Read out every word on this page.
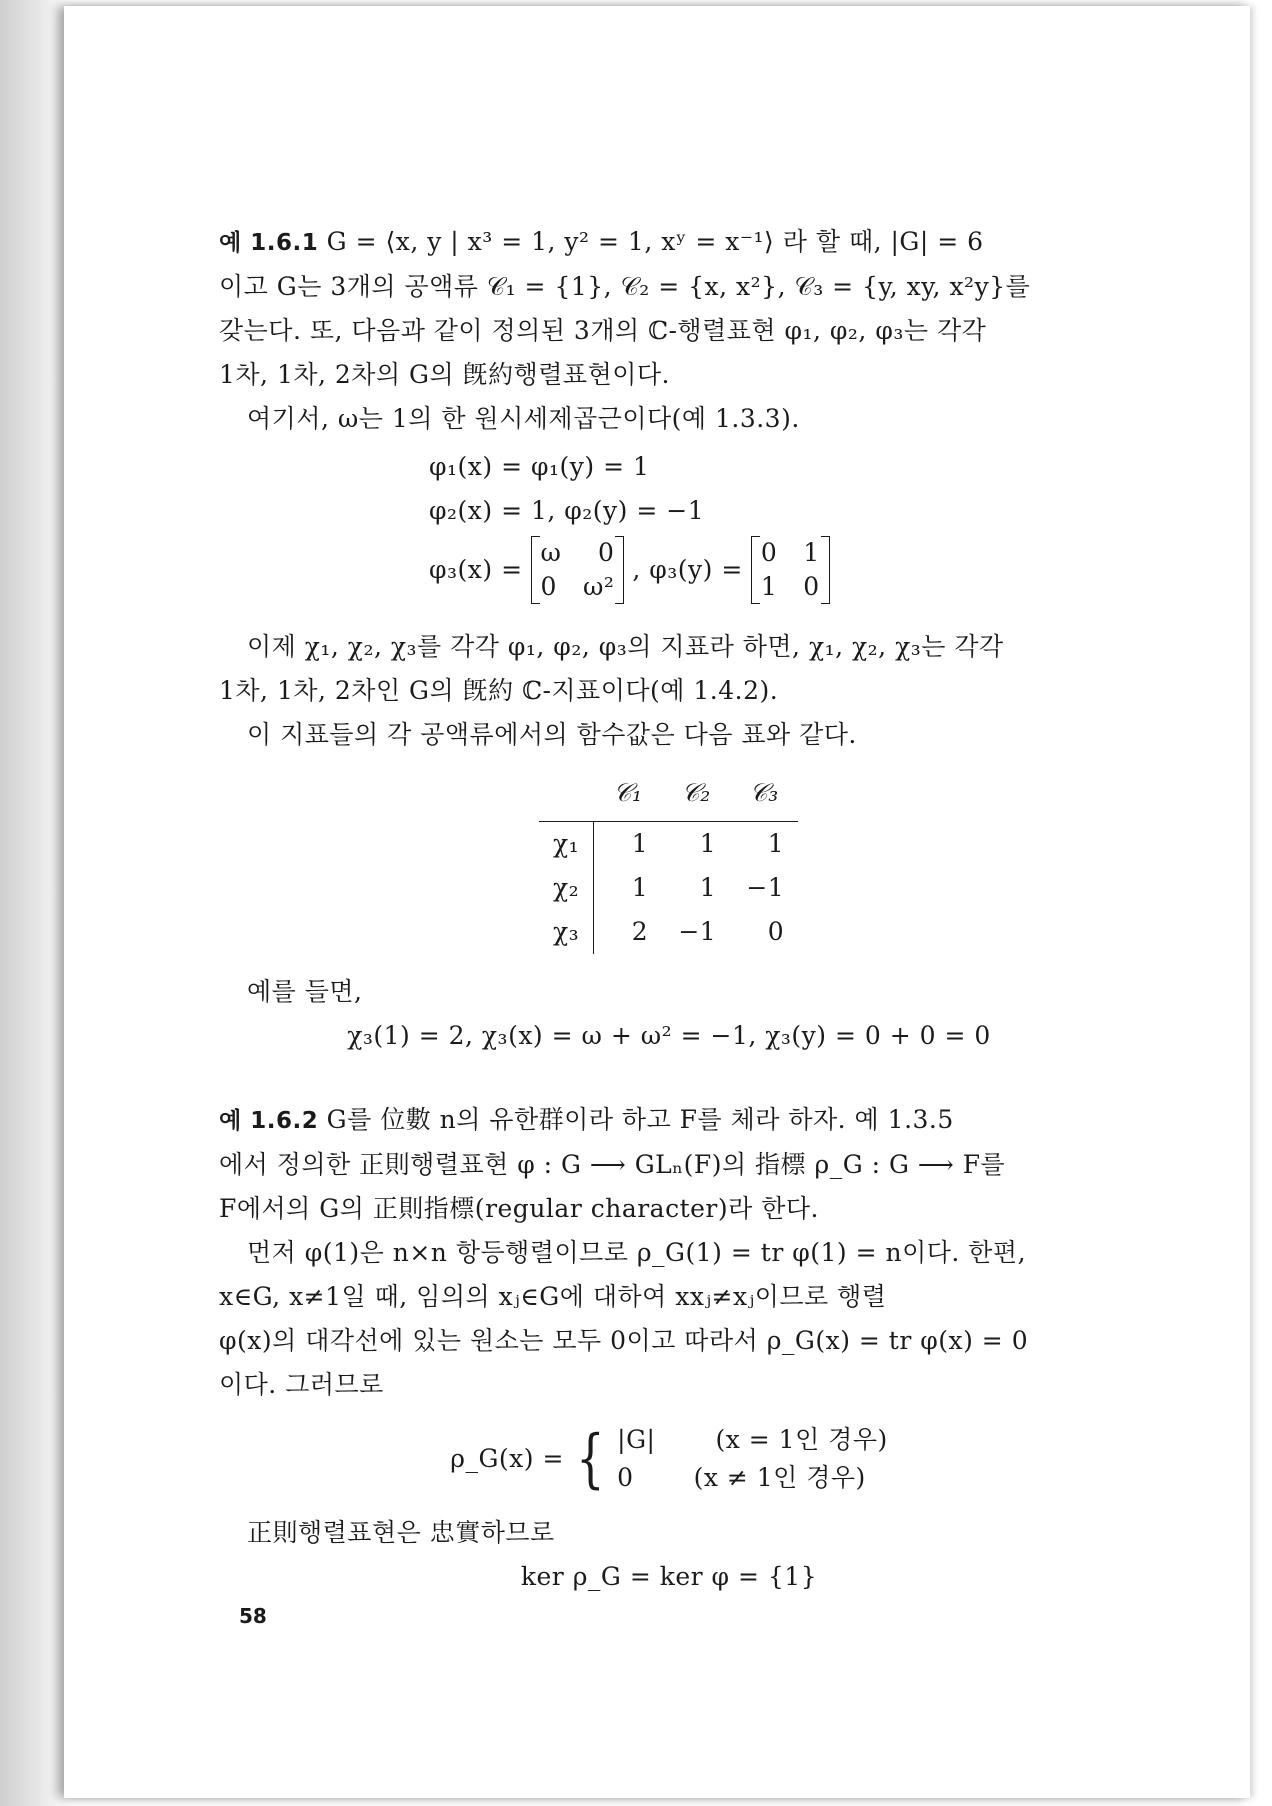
예 1.6.1 G = ⟨x, y | x³ = 1, y² = 1, xʸ = x⁻¹⟩ 라 할 때, |G| = 6

이고 G는 3개의 공액류 𝒞₁ = {1}, 𝒞₂ = {x, x²}, 𝒞₃ = {y, xy, x²y}를

갖는다. 또, 다음과 같이 정의된 3개의 ℂ-행렬표현 φ₁, φ₂, φ₃는 각각

1차, 1차, 2차의 G의 旣約행렬표현이다.

여기서, ω는 1의 한 원시세제곱근이다(예 1.3.3).

φ₁(x) = φ₁(y) = 1
φ₂(x) = 1, φ₂(y) = −1
φ₃(x) =
ω 0
0 ω²
, φ₃(y) =
0 1
1 0

이제 χ₁, χ₂, χ₃를 각각 φ₁, φ₂, φ₃의 지표라 하면, χ₁, χ₂, χ₃는 각각

1차, 1차, 2차인 G의 旣約 ℂ-지표이다(예 1.4.2).

이 지표들의 각 공액류에서의 함수값은 다음 표와 같다.

	𝒞₁	𝒞₂	𝒞₃
χ₁	1	1	1
χ₂	1	1	−1
χ₃	2	−1	0

예를 들면,

χ₃(1) = 2, χ₃(x) = ω + ω² = −1, χ₃(y) = 0 + 0 = 0

예 1.6.2 G를 位數 n의 유한群이라 하고 F를 체라 하자. 예 1.3.5

에서 정의한 正則행렬표현 φ : G ⟶ GLₙ(F)의 指標 ρ_G : G ⟶ F를

F에서의 G의 正則指標(regular character)라 한다.

먼저 φ(1)은 n×n 항등행렬이므로 ρ_G(1) = tr φ(1) = n이다. 한편,

x∈G, x≠1일 때, 임의의 xⱼ∈G에 대하여 xxⱼ≠xⱼ이므로 행렬

φ(x)의 대각선에 있는 원소는 모두 0이고 따라서 ρ_G(x) = tr φ(x) = 0

이다. 그러므로

ρ_G(x) = { |G| (x = 1인 경우)
0 (x ≠ 1인 경우)

正則행렬표현은 忠實하므로

ker ρ_G = ker φ = {1}

58
